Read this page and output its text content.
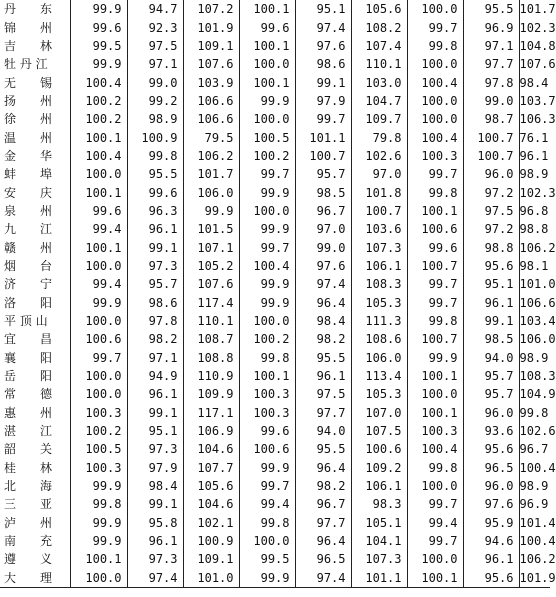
丹　　东	99.9	94.7	107.2	100.1	95.1	105.6	100.0	95.5	101.7
锦　　州	99.6	92.3	101.9	99.6	97.4	108.2	99.7	96.9	102.3
吉　　林	99.5	97.5	109.1	100.1	97.6	107.4	99.8	97.1	104.8
牡 丹 江	99.9	97.1	107.6	100.0	98.6	110.1	100.0	97.7	107.6
无　　锡	100.4	99.0	103.9	100.1	99.1	103.0	100.4	97.8	98.4
扬　　州	100.2	99.2	106.6	99.9	97.9	104.7	100.0	99.0	103.7
徐　　州	100.2	98.9	106.6	100.0	99.7	109.7	100.0	98.7	106.3
温　　州	100.1	100.9	79.5	100.5	101.1	79.8	100.4	100.7	76.1
金　　华	100.4	99.8	106.2	100.2	100.7	102.6	100.3	100.7	96.1
蚌　　埠	100.0	95.5	101.7	99.7	95.7	97.0	99.7	96.0	98.9
安　　庆	100.1	99.6	106.0	99.9	98.5	101.8	99.8	97.2	102.3
泉　　州	99.6	96.3	99.9	100.0	96.7	100.7	100.1	97.5	96.8
九　　江	99.4	96.1	101.5	99.9	97.0	103.6	100.6	97.2	98.8
赣　　州	100.1	99.1	107.1	99.7	99.0	107.3	99.6	98.8	106.2
烟　　台	100.0	97.3	105.2	100.4	97.6	106.1	100.7	95.6	98.1
济　　宁	99.4	95.7	107.6	99.9	97.4	108.3	99.7	95.1	101.0
洛　　阳	99.9	98.6	117.4	99.9	96.4	105.3	99.7	96.1	106.6
平 顶 山	100.0	97.8	110.1	100.0	98.4	111.3	99.8	99.1	103.4
宜　　昌	100.6	98.2	108.7	100.2	98.2	108.6	100.7	98.5	106.0
襄　　阳	99.7	97.1	108.8	99.8	95.5	106.0	99.9	94.0	98.9
岳　　阳	100.0	94.9	110.9	100.1	96.1	113.4	100.1	95.7	108.3
常　　德	100.0	96.1	109.9	100.3	97.5	105.3	100.0	95.7	104.9
惠　　州	100.3	99.1	117.1	100.3	97.7	107.0	100.1	96.0	99.8
湛　　江	100.2	95.1	106.9	99.6	94.0	107.5	100.3	93.6	102.6
韶　　关	100.5	97.3	104.6	100.6	95.5	100.6	100.4	95.6	96.7
桂　　林	100.3	97.9	107.7	99.9	96.4	109.2	99.8	96.5	100.4
北　　海	99.9	98.4	105.6	99.7	98.2	106.1	100.0	96.0	98.9
三　　亚	99.8	99.1	104.6	99.4	96.7	98.3	99.7	97.6	96.9
泸　　州	99.9	95.8	102.1	99.8	97.7	105.1	99.4	95.9	101.4
南　　充	99.9	96.1	100.9	100.0	96.4	104.1	99.7	94.6	100.4
遵　　义	100.1	97.3	109.1	99.5	96.5	107.3	100.0	96.1	106.2
大　　理	100.0	97.4	101.0	99.9	97.4	101.1	100.1	95.6	101.9
